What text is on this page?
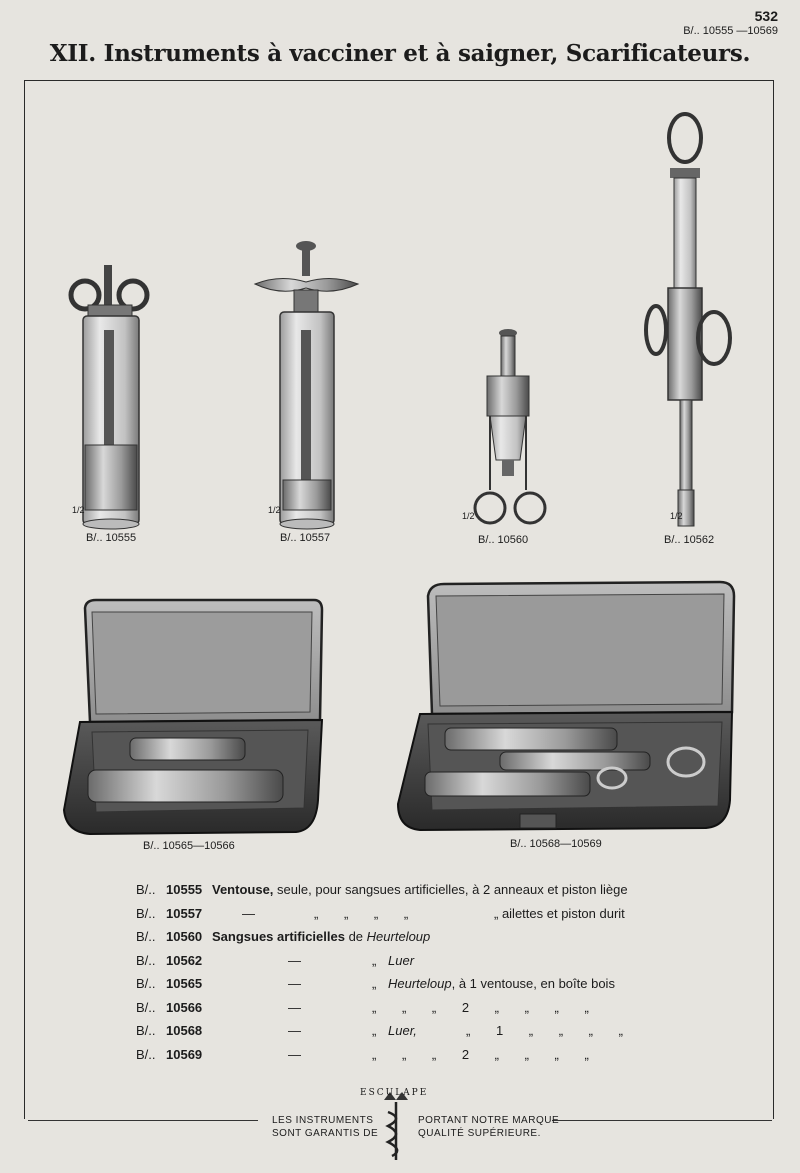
532
B/.. 10555 —10569
XII. Instruments à vacciner et à saigner, Scarificateurs.
1/2
B/.. 10555
1/2
B/.. 10557
1/2
B/.. 10560
1/2
B/.. 10562
B/.. 10565—10566	B/.. 10568—10569
B/.. 10555 Ventouse, seule, pour sangsues artificielles, à 2 anneaux et piston liège
B/.. 10557	—	„ „ „ „	„ ailettes et piston durit
B/.. 10560 Sangsues artificielles de Heurteloup
B/.. 10562	—	„ Luer
B/.. 10565	—	„ Heurteloup, à 1 ventouse, en boîte bois
B/.. 10566	—	„ „ „ 2 „ „ „ „
B/.. 10568	—	„ Luer,	„ 1 „ „ „ „
B/.. 10569	—	„ „ „ 2 „ „ „ „
ESCULAPE
LES INSTRUMENTS
SONT GARANTIS DE
PORTANT NOTRE MARQUE
QUALITÉ SUPÉRIEURE.
